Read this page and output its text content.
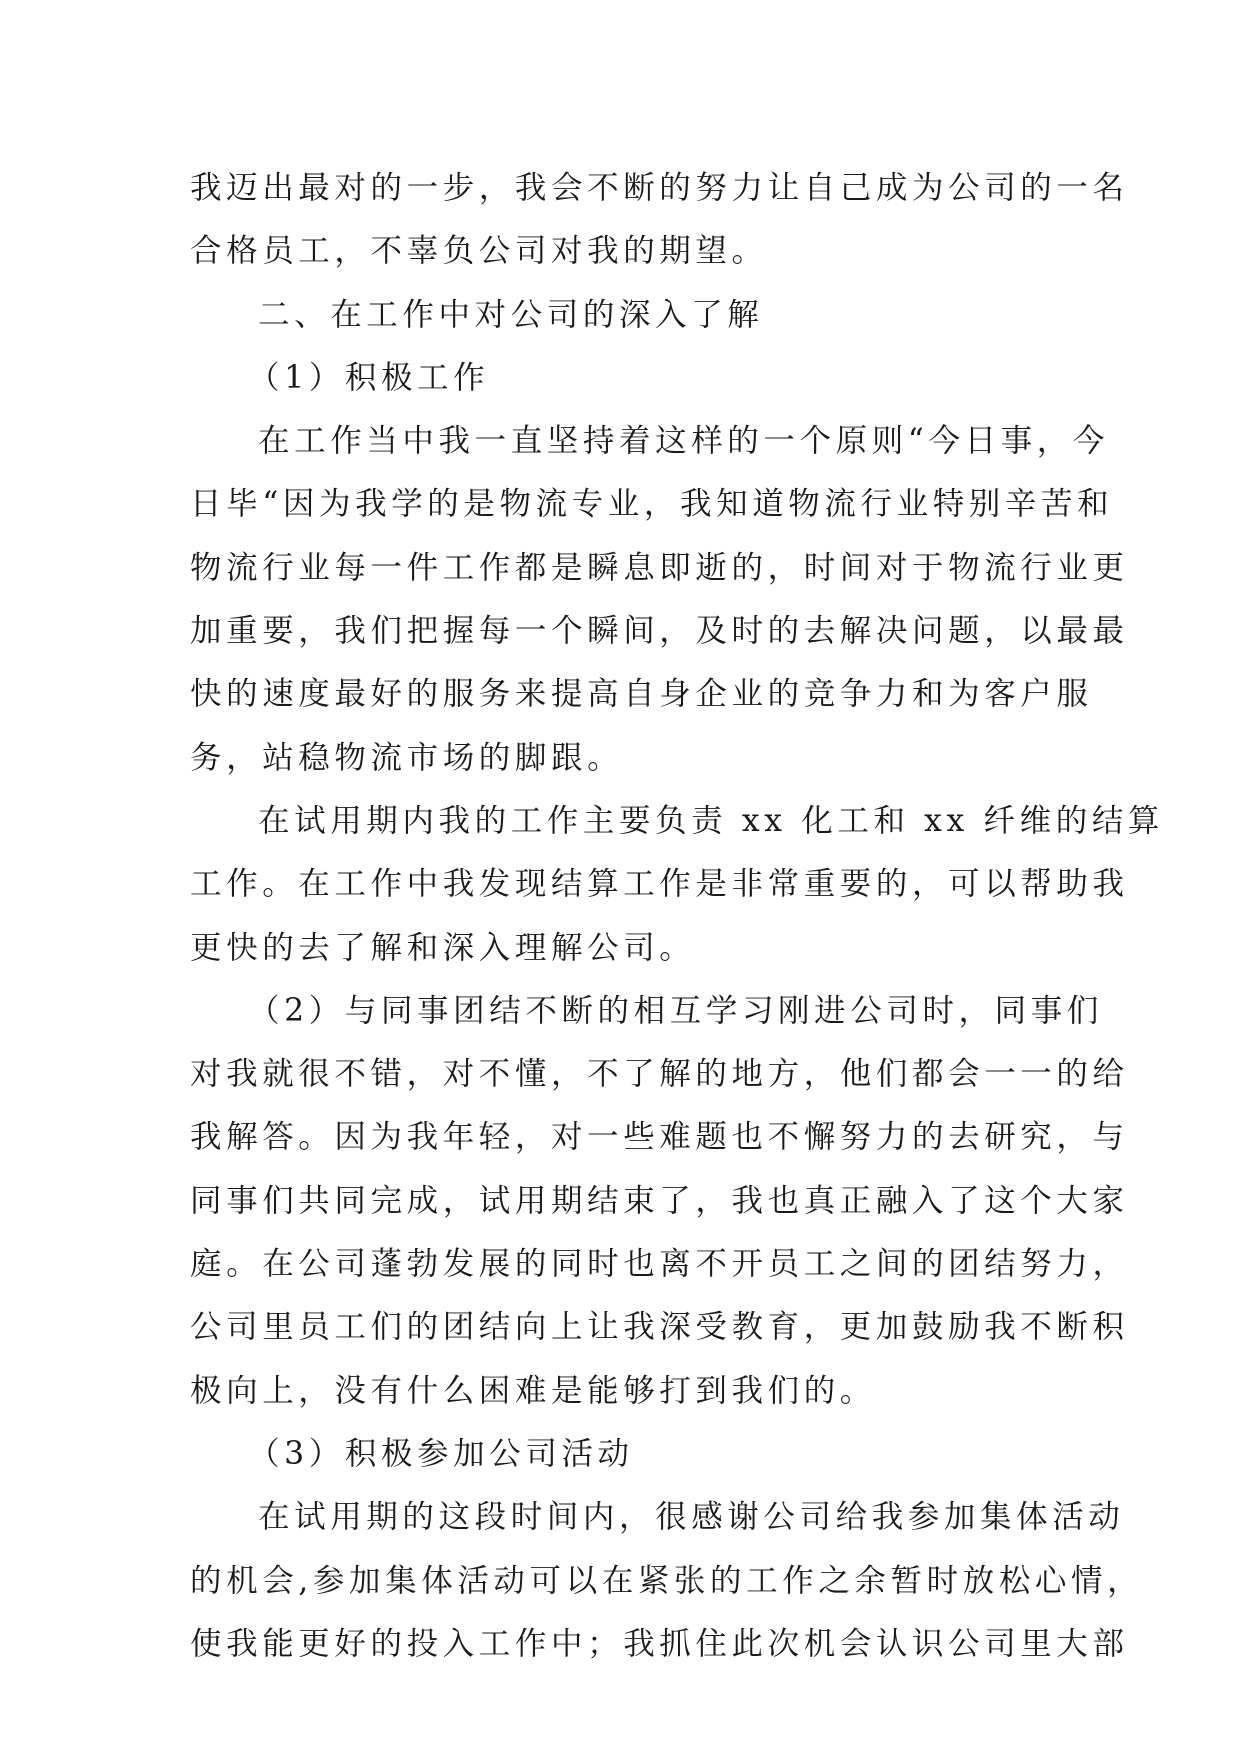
我迈出最对的一步，我会不断的努力让自己成为公司的一名
合格员工，不辜负公司对我的期望。
二、在工作中对公司的深入了解
（1）积极工作
在工作当中我一直坚持着这样的一个原则“今日事，今
日毕“因为我学的是物流专业，我知道物流行业特别辛苦和
物流行业每一件工作都是瞬息即逝的，时间对于物流行业更
加重要，我们把握每一个瞬间，及时的去解决问题，以最最
快的速度最好的服务来提高自身企业的竞争力和为客户服
务，站稳物流市场的脚跟。
在试用期内我的工作主要负责 xx 化工和 xx 纤维的结算
工作。在工作中我发现结算工作是非常重要的，可以帮助我
更快的去了解和深入理解公司。
（2）与同事团结不断的相互学习刚进公司时，同事们
对我就很不错，对不懂，不了解的地方，他们都会一一的给
我解答。因为我年轻，对一些难题也不懈努力的去研究，与
同事们共同完成，试用期结束了，我也真正融入了这个大家
庭。在公司蓬勃发展的同时也离不开员工之间的团结努力，
公司里员工们的团结向上让我深受教育，更加鼓励我不断积
极向上，没有什么困难是能够打到我们的。
（3）积极参加公司活动
在试用期的这段时间内，很感谢公司给我参加集体活动
的机会,参加集体活动可以在紧张的工作之余暂时放松心情，
使我能更好的投入工作中；我抓住此次机会认识公司里大部
